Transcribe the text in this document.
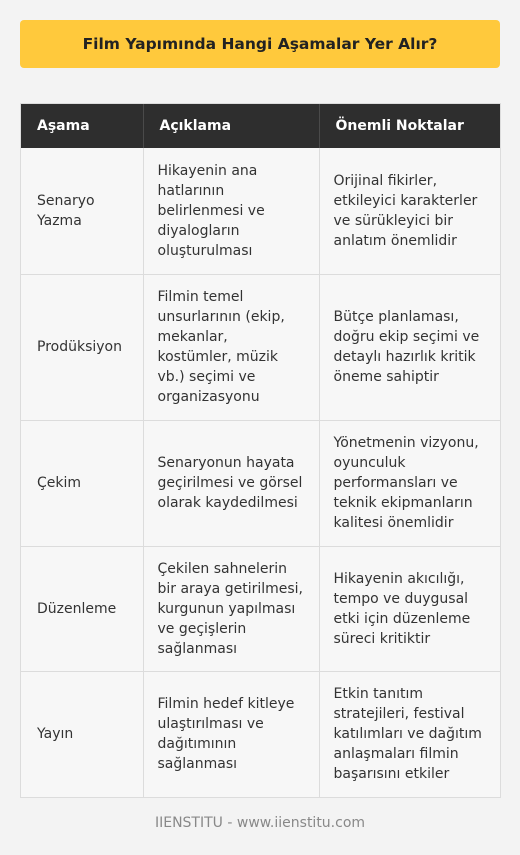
Film Yapımında Hangi Aşamalar Yer Alır?
Aşama	Açıklama	Önemli Noktalar
Senaryo Yazma	Hikayenin ana hatlarının belirlenmesi ve diyalogların oluşturulması	Orijinal fikirler, etkileyici karakterler ve sürükleyici bir anlatım önemlidir
Prodüksiyon	Filmin temel unsurlarının (ekip, mekanlar, kostümler, müzik vb.) seçimi ve organizasyonu	Bütçe planlaması, doğru ekip seçimi ve detaylı hazırlık kritik öneme sahiptir
Çekim	Senaryonun hayata geçirilmesi ve görsel olarak kaydedilmesi	Yönetmenin vizyonu, oyunculuk performansları ve teknik ekipmanların kalitesi önemlidir
Düzenleme	Çekilen sahnelerin bir araya getirilmesi, kurgunun yapılması ve geçişlerin sağlanması	Hikayenin akıcılığı, tempo ve duygusal etki için düzenleme süreci kritiktir
Yayın	Filmin hedef kitleye ulaştırılması ve dağıtımının sağlanması	Etkin tanıtım stratejileri, festival katılımları ve dağıtım anlaşmaları filmin başarısını etkiler
IIENSTITU - www.iienstitu.com
